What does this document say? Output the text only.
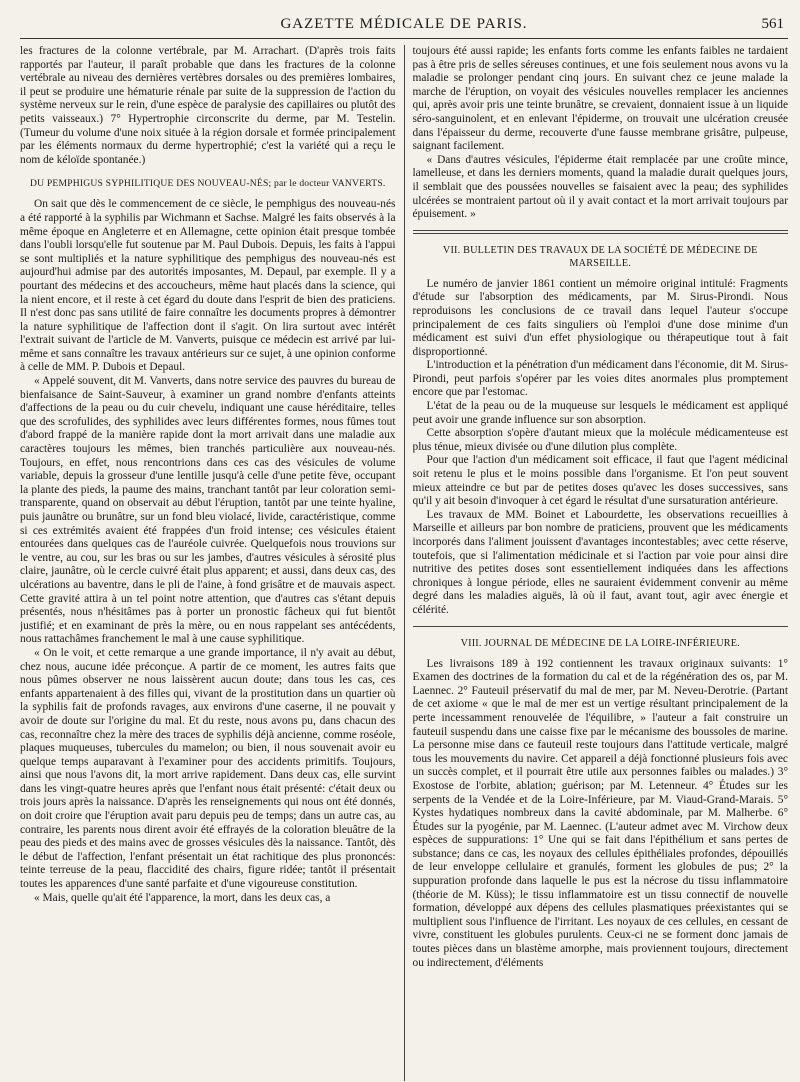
GAZETTE MÉDICALE DE PARIS.	561

les fractures de la colonne vertébrale, par M. Arrachart. (D'après trois faits rapportés par l'auteur, il paraît probable que dans les fractures de la colonne vertébrale au niveau des dernières vertèbres dorsales ou des premières lombaires, il peut se produire une hématurie rénale par suite de la suppression de l'action du système nerveux sur le rein, d'une espèce de paralysie des capillaires ou plutôt des petits vaisseaux.) 7° Hypertrophie circonscrite du derme, par M. Testelin. (Tumeur du volume d'une noix située à la région dorsale et formée principalement par les éléments normaux du derme hypertrophié; c'est la variété qui a reçu le nom de kéloïde spontanée.)

DU PEMPHIGUS SYPHILITIQUE DES NOUVEAU-NÉS; par le docteur VANVERTS.

On sait que dès le commencement de ce siècle, le pemphigus des nouveau-nés a été rapporté à la syphilis par Wichmann et Sachse. Malgré les faits observés à la même époque en Angleterre et en Allemagne, cette opinion était presque tombée dans l'oubli lorsqu'elle fut soutenue par M. Paul Dubois. Depuis, les faits à l'appui se sont multipliés et la nature syphilitique des pemphigus des nouveau-nés est aujourd'hui admise par des autorités imposantes, M. Depaul, par exemple. Il y a pourtant des médecins et des accoucheurs, même haut placés dans la science, qui la nient encore, et il reste à cet égard du doute dans l'esprit de bien des praticiens. Il n'est donc pas sans utilité de faire connaître les documents propres à démontrer la nature syphilitique de l'affection dont il s'agit. On lira surtout avec intérêt l'extrait suivant de l'article de M. Vanverts, puisque ce médecin est arrivé par lui-même et sans connaître les travaux antérieurs sur ce sujet, à une opinion conforme à celle de MM. P. Dubois et Depaul.

« Appelé souvent, dit M. Vanverts, dans notre service des pauvres du bureau de bienfaisance de Saint-Sauveur, à examiner un grand nombre d'enfants atteints d'affections de la peau ou du cuir chevelu, indiquant une cause héréditaire, telles que des scrofulides, des syphilides avec leurs différentes formes, nous fûmes tout d'abord frappé de la manière rapide dont la mort arrivait dans une maladie aux caractères toujours les mêmes, bien tranchés particulière aux nouveau-nés. Toujours, en effet, nous rencontrions dans ces cas des vésicules de volume variable, depuis la grosseur d'une lentille jusqu'à celle d'une petite fève, occupant la plante des pieds, la paume des mains, tranchant tantôt par leur coloration semi-transparente, quand on observait au début l'éruption, tantôt par une teinte hyaline, puis jaunâtre ou brunâtre, sur un fond bleu violacé, livide, caractéristique, comme si ces extrémités avaient été frappées d'un froid intense; ces vésicules étaient entourées dans quelques cas de l'auréole cuivrée. Quelquefois nous trouvions sur le ventre, au cou, sur les bras ou sur les jambes, d'autres vésicules à sérosité plus claire, jaunâtre, où le cercle cuivré était plus apparent; et aussi, dans deux cas, des ulcérations au baventre, dans le pli de l'aine, à fond grisâtre et de mauvais aspect. Cette gravité attira à un tel point notre attention, que d'autres cas s'étant depuis présentés, nous n'hésitâmes pas à porter un pronostic fâcheux qui fut bientôt justifié; et en examinant de près la mère, ou en nous rappelant ses antécédents, nous rattachâmes franchement le mal à une cause syphilitique.

« On le voit, et cette remarque a une grande importance, il n'y avait au début, chez nous, aucune idée préconçue. A partir de ce moment, les autres faits que nous pûmes observer ne nous laissèrent aucun doute; dans tous les cas, ces enfants appartenaient à des filles qui, vivant de la prostitution dans un quartier où la syphilis fait de profonds ravages, aux environs d'une caserne, il ne pouvait y avoir de doute sur l'origine du mal. Et du reste, nous avons pu, dans chacun des cas, reconnaître chez la mère des traces de syphilis déjà ancienne, comme roséole, plaques muqueuses, tubercules du mamelon; ou bien, il nous souvenait avoir eu quelque temps auparavant à l'examiner pour des accidents primitifs. Toujours, ainsi que nous l'avons dit, la mort arrive rapidement. Dans deux cas, elle survint dans les vingt-quatre heures après que l'enfant nous était présenté: c'était deux ou trois jours après la naissance. D'après les renseignements qui nous ont été donnés, on doit croire que l'éruption avait paru depuis peu de temps; dans un autre cas, au contraire, les parents nous dirent avoir été effrayés de la coloration bleuâtre de la peau des pieds et des mains avec de grosses vésicules dès la naissance. Tantôt, dès le début de l'affection, l'enfant présentait un état rachitique des plus prononcés: teinte terreuse de la peau, flaccidité des chairs, figure ridée; tantôt il présentait toutes les apparences d'une santé parfaite et d'une vigoureuse constitution.

« Mais, quelle qu'ait été l'apparence, la mort, dans les deux cas, a

toujours été aussi rapide; les enfants forts comme les enfants faibles ne tardaient pas à être pris de selles séreuses continues, et une fois seulement nous avons vu la maladie se prolonger pendant cinq jours. En suivant chez ce jeune malade la marche de l'éruption, on voyait des vésicules nouvelles remplacer les anciennes qui, après avoir pris une teinte brunâtre, se crevaient, donnaient issue à un liquide séro-sanguinolent, et en enlevant l'épiderme, on trouvait une ulcération creusée dans l'épaisseur du derme, recouverte d'une fausse membrane grisâtre, pulpeuse, saignant facilement.

« Dans d'autres vésicules, l'épiderme était remplacée par une croûte mince, lamelleuse, et dans les derniers moments, quand la maladie durait quelques jours, il semblait que des poussées nouvelles se faisaient avec la peau; des syphilides ulcérées se montraient partout où il y avait contact et la mort arrivait toujours par épuisement. »

VII. BULLETIN DES TRAVAUX DE LA SOCIÉTÉ DE MÉDECINE DE MARSEILLE.

Le numéro de janvier 1861 contient un mémoire original intitulé: Fragments d'étude sur l'absorption des médicaments, par M. Sirus-Pirondi. Nous reproduisons les conclusions de ce travail dans lequel l'auteur s'occupe principalement de ces faits singuliers où l'emploi d'une dose minime d'un médicament est suivi d'un effet physiologique ou thérapeutique tout à fait disproportionné.

L'introduction et la pénétration d'un médicament dans l'économie, dit M. Sirus-Pirondi, peut parfois s'opérer par les voies dites anormales plus promptement encore que par l'estomac.

L'état de la peau ou de la muqueuse sur lesquels le médicament est appliqué peut avoir une grande influence sur son absorption.

Cette absorption s'opère d'autant mieux que la molécule médicamenteuse est plus ténue, mieux divisée ou d'une dilution plus complète.

Pour que l'action d'un médicament soit efficace, il faut que l'agent médicinal soit retenu le plus et le moins possible dans l'organisme. Et l'on peut souvent mieux atteindre ce but par de petites doses qu'avec les doses successives, sans qu'il y ait besoin d'invoquer à cet égard le résultat d'une sursaturation antérieure.

Les travaux de MM. Boinet et Labourdette, les observations recueillies à Marseille et ailleurs par bon nombre de praticiens, prouvent que les médicaments incorporés dans l'aliment jouissent d'avantages incontestables; avec cette réserve, toutefois, que si l'alimentation médicinale et si l'action par voie pour ainsi dire nutritive des petites doses sont essentiellement indiquées dans les affections chroniques à longue période, elles ne sauraient évidemment convenir au même degré dans les maladies aiguës, là où il faut, avant tout, agir avec énergie et célérité.

VIII. JOURNAL DE MÉDECINE DE LA LOIRE-INFÉRIEURE.

Les livraisons 189 à 192 contiennent les travaux originaux suivants: 1° Examen des doctrines de la formation du cal et de la régénération des os, par M. Laennec. 2° Fauteuil préservatif du mal de mer, par M. Neveu-Derotrie. (Partant de cet axiome « que le mal de mer est un vertige résultant principalement de la perte incessamment renouvelée de l'équilibre, » l'auteur a fait construire un fauteuil suspendu dans une caisse fixe par le mécanisme des boussoles de marine. La personne mise dans ce fauteuil reste toujours dans l'attitude verticale, malgré tous les mouvements du navire. Cet appareil a déjà fonctionné plusieurs fois avec un succès complet, et il pourrait être utile aux personnes faibles ou malades.) 3° Exostose de l'orbite, ablation; guérison; par M. Letenneur. 4° Études sur les serpents de la Vendée et de la Loire-Inférieure, par M. Viaud-Grand-Marais. 5° Kystes hydatiques nombreux dans la cavité abdominale, par M. Malherbe. 6° Études sur la pyogénie, par M. Laennec. (L'auteur admet avec M. Virchow deux espèces de suppurations: 1° Une qui se fait dans l'épithélium et sans pertes de substance; dans ce cas, les noyaux des cellules épithéliales profondes, dépouillés de leur enveloppe cellulaire et granulés, forment les globules de pus; 2° la suppuration profonde dans laquelle le pus est la nécrose du tissu inflammatoire (théorie de M. Küss); le tissu inflammatoire est un tissu connectif de nouvelle formation, développé aux dépens des cellules plasmatiques préexistantes qui se multiplient sous l'influence de l'irritant. Les noyaux de ces cellules, en cessant de vivre, constituent les globules purulents. Ceux-ci ne se forment donc jamais de toutes pièces dans un blastème amorphe, mais proviennent toujours, directement ou indirectement, d'éléments
